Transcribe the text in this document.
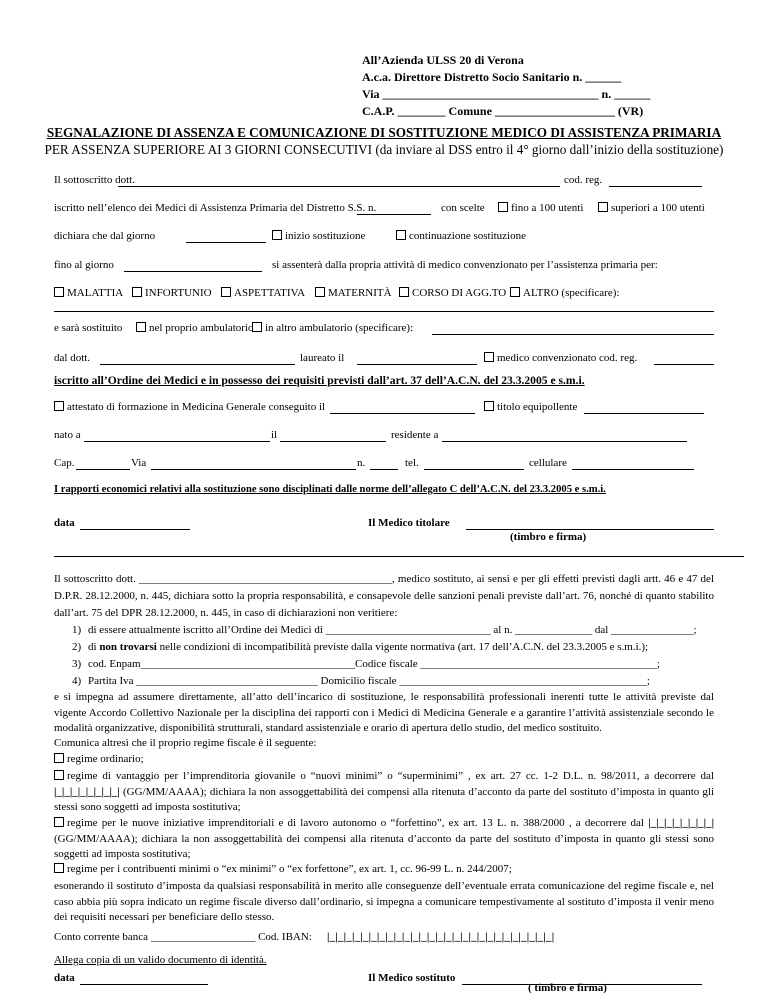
All’Azienda ULSS 20 di Verona
A.c.a. Direttore Distretto Socio Sanitario n. ______
Via ____________________________________ n. ______
C.A.P. ________ Comune ____________________ (VR)
SEGNALAZIONE DI ASSENZA E COMUNICAZIONE DI SOSTITUZIONE MEDICO DI ASSISTENZA PRIMARIA
PER ASSENZA SUPERIORE AI 3 GIORNI CONSECUTIVI (da inviare al DSS entro il 4° giorno dall’inizio della sostituzione)
Il sottoscritto dott.	cod. reg.
iscritto nell’elenco dei Medici di Assistenza Primaria del Distretto S.S. n.	con scelte	fino a 100 utenti	superiori a 100 utenti
dichiara che dal giorno	inizio sostituzione	continuazione sostituzione
fino al giorno	si assenterà dalla propria attività di medico convenzionato per l’assistenza primaria per:
MALATTIA	INFORTUNIO	ASPETTATIVA	MATERNITÀ	CORSO DI AGG.TO	ALTRO (specificare):
e sarà sostituito	nel proprio ambulatorio	in altro ambulatorio (specificare):
dal dott.	laureato il	medico convenzionato cod. reg.
iscritto all’Ordine dei Medici e in possesso dei requisiti previsti dall’art. 37 dell’A.C.N. del 23.3.2005 e s.m.i.
attestato di formazione in Medicina Generale conseguito il	titolo equipollente
nato a	il	residente a
Cap.	Via	n.	tel.	cellulare
I rapporti economici relativi alla sostituzione sono disciplinati dalle norme dell’allegato C dell’A.C.N. del 23.3.2005 e s.m.i.
data	Il Medico titolare
(timbro e firma)
Il sottoscritto dott. ______________________________________________, medico sostituto, ai sensi e per gli effetti previsti dagli artt. 46 e 47 del D.P.R. 28.12.2000, n. 445, dichiara sotto la propria responsabilità, e consapevole delle sanzioni penali previste dall’art. 76, nonché di quanto stabilito dall’art. 75 del DPR 28.12.2000, n. 445, in caso di dichiarazioni non veritiere:
1) di essere attualmente iscritto all’Ordine dei Medici di ______________________________ al n. ______________ dal _______________;
2) di non trovarsi nelle condizioni di incompatibilità previste dalla vigente normativa (art. 17 dell’A.C.N. del 23.3.2005 e s.m.i.);
3) cod. Enpam_______________________________________Codice fiscale ___________________________________________;
4) Partita Iva _________________________________ Domicilio fiscale _____________________________________________;
e si impegna ad assumere direttamente, all’atto dell’incarico di sostituzione, le responsabilità professionali inerenti tutte le attività previste dal vigente Accordo Collettivo Nazionale per la disciplina dei rapporti con i Medici di Medicina Generale e a garantire l’attività assistenziale secondo le modalità organizzative, disponibilità strutturali, standard assistenziale e orario di apertura dello studio, del medico sostituito.
Comunica altresì che il proprio regime fiscale è il seguente:
regime ordinario;
regime di vantaggio per l’imprenditoria giovanile o “nuovi minimi” o “superminimi” , ex art. 27 cc. 1-2 D.L. n. 98/2011, a decorrere dal |_|_|_|_|_|_|_|_| (GG/MM/AAAA); dichiara la non assoggettabilità dei compensi alla ritenuta d’acconto da parte del sostituto d’imposta in quanto gli stessi sono soggetti ad imposta sostitutiva;
regime per le nuove iniziative imprenditoriali e di lavoro autonomo o “forfettino”, ex art. 13 L. n. 388/2000 , a decorrere dal |_|_|_|_|_|_|_|_| (GG/MM/AAAA); dichiara la non assoggettabilità dei compensi alla ritenuta d’acconto da parte del sostituto d’imposta in quanto gli stessi sono soggetti ad imposta sostitutiva;
regime per i contribuenti minimi o “ex minimi” o “ex forfettone”, ex art. 1, cc. 96-99 L. n. 244/2007;
esonerando il sostituto d’imposta da qualsiasi responsabilità in merito alle conseguenze dell’eventuale errata comunicazione del regime fiscale e, nel caso abbia più sopra indicato un regime fiscale diverso dall’ordinario, si impegna a comunicare tempestivamente al sostituto d’imposta il venir meno dei requisiti necessari per beneficiare dello stesso.
Conto corrente banca ___________________ Cod. IBAN: |_|_|_|_|_|_|_|_|_|_|_|_|_|_|_|_|_|_|_|_|_|_|_|_|_|_|_|
Allega copia di un valido documento di identità.
data	Il Medico sostituto
( timbro e firma)
